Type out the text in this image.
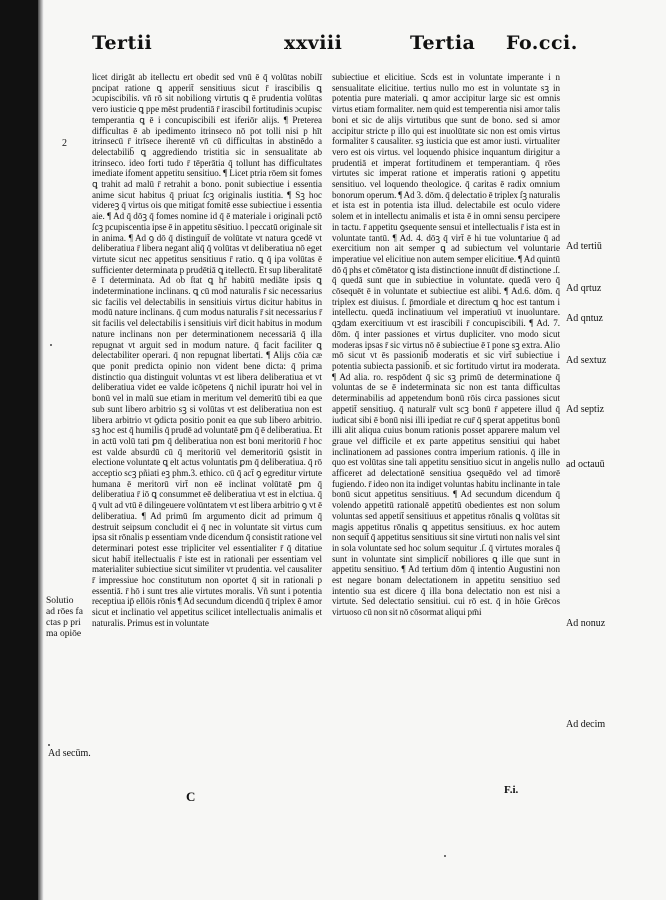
Tertii	xxviii	Tertia Fo.cci.
2
Solutio
ad rōes fa
ctas p pri
ma opiōe
Ad secūm.

licet dirigāt ab itellectu ert obedit sed vnū ē q̄ volūtas nobilī pncipat ratione ꝗ apperit̄ sensitiuus sicut r̄ irascibilis ꝗ ɔcupiscibilis. vn̄ rō sit nobiliong virtutis ꝗ ē prudentia volūtas vero iusticie ꝗ ppe mēst prudentiā r̄ irascibil fortitudinis ɔcupisc temperantia ꝗ ē i concupiscibili est iferiōr alijs. ¶ Preterea difficultas ē ab ipedimento itrinseco nō pot tolli nisi p hīt itrinsecū r̄ itrīsece iherentē vn̄ cū difficultas in abstinēdo a delectabilib̄ ꝗ aggrediendo tristitia sic in sensualitate ab itrinseco. ideo forti tudo r̄ tēperātia q̄ tollunt has difficultates imediate ifoment appetitu sensitiuo. ¶ Licet ptria rōem sit fomes ꝗ trahit ad malū r̄ retrahit a bono. ponit subiectiue i essentia anime sicut habitus q̄ priuat ſcꝫ originalis iustitia. ¶ Sꝫ hoc videreꝫ q̄ virtus ois que mitigat fomitē esse subiectiue i essentia aie. ¶ Ad q̄ dōꝫ q̄ fomes nomine id q̄ ē materiale i originali pctō ſcꝫ pcupiscentia ipse ē in appetitu sēsitiuo. l peccatū originale sit in anima. ¶ Ad ꝯ dō q̄ distinguit̄ de volūtate vt natura ꝯcedē vt deliberatiua r̄ libera negant aliq̄ q̄ volūtas vt deliberatiua nō eget virtute sicut nec appetitus sensitiuus r̄ ratio. ꝗ q̄ ipa volūtas ē sufficienter determinata p prudētiā ꝗ itellectū. Et sup liberalitatē ē ī determinata. Ad ob ſtat ꝗ hr̄ habitū mediāte ipsis ꝗ indeterminatione inclinans. ꝗ cū mod̄ naturalis r̄ sic necessarius sic facilis vel delectabilis in sensitiuis virtus dicitur habitus in modū nature inclinans. q̄ cum modus naturalis r̄ sit necessarius r̄ sit facilis vel delectabilis i sensitiuis virt̄ dicit habitus in modum nature inclinans non per determinationem necessariā q̄ illa repugnat vt arguit sed in modum nature. q̄ facit faciliter ꝗ delectabiliter operari. q̄ non repugnat libertati. ¶ Alijs cōia cæ que ponit predicta opinio non vident bene dicta: q̄ prima distinctio qua distinguit voluntas vt est libera deliberatiua et vt deliberatiua videt ee valde icōpetens q̄ nichil ipuratr hoi vel in bonū vel in malū sue etiam in meritum vel demeritū tibi ea que sub sunt libero arbitrio sꝫ si volūtas vt est deliberatiua non est libera arbitrio vt ꝯdicta positio ponit ea que sub libero arbitrio. sꝫ hoc est q̄ humilis q̄ prudē ad voluntatē ꝑm q̄ ē deliberatiua. Et in actū volū tati ꝑm q̄ deliberatiua non est boni meritoriū r̄ hoc est valde absurdū cū q̄ meritoriū vel demeritoriū ꝯsistit in electione voluntate ꝗ elt actus voluntatis ꝑm q̄ deliberatiua. q̄ rō acceptio scꝫ pñiati eꝫ phm.3. ethico. cū q̄ act̄ ꝯ egreditur virtute humana ē meritorū virt̄ non eē inclinat volūtatē ꝑm q̄ deliberatiua r̄ iō ꝗ consummet eē deliberatiua vt est in elctiua. q̄ q̄ vult ad vtū ē dilingeuere volūntatem vt est libera arbitrio ꝯ vt ē deliberatiua. ¶ Ad primū ſm argumento dicit ad primum q̄ destruit seipsum concludit ei q̄ nec in voluntate sit virtus cum ipsa sit rōnalis p essentiam vnde dicendum q̄ consistit ratione vel determinari potest esse tripliciter vel essentialiter r̄ q̄ ditatiue sicut habit̄ itellectualis r̄ iste est in rationali per essentiam vel materialiter subiectiue sicut similiter vt prudentia. vel causaliter r̄ impressiue hoc constitutum non oportet q̄ sit in rationali p essentiā. r̄ hō i sunt tres alie virtutes moralis. Vñ sunt i potentia receptiua ip̄ ellōis rōnis ¶ Ad secundum dicendū q̄ triplex ē amor sicut et inclinatio vel appetitus scilicet intellectualis animalis et naturalis. Primus est in voluntate

subiectiue et elicitiue. Scds est in voluntate imperante i n sensualitate elicitiue. tertius nullo mo est in voluntate sꝫ in potentia pure materiali. ꝗ amor accipitur large sic est omnis virtus etiam formaliter. nem quid est temperentia nisi amor talis boni et sic de alijs virtutibus que sunt de bono. sed si amor accipitur stricte p illo qui est inuolūtate sic non est omis virtus formaliter s̄ causaliter. sꝫ iusticia que est amor iusti. virtualiter vero est ois virtus. vel loquendo phisice inquantum dirigitur a prudentiā et imperat fortitudinem et temperantiam. q̄ rōes virtutes sic imperat ratione et imperatis rationi ꝯ appetitu sensitiuo. vel loquendo theologice. q̄ caritas ē radix omnium bonorum operum. ¶ Ad 3. dōm. q̄ delectatio ē triplex ſꝫ naturalis et ista est in potentia ista illud. delectabile est oculo videre solem et in intellectu animalis et ista ē in omni sensu percipere in tactu. r̄ appetitu ꝯsequente sensui et intellectualis r̄ ista est in voluntate tantū. ¶ Ad. 4. dōꝫ q̄ virt̄ ē hi tue voluntariue q̄ ad exercitium non ait semper ꝗ ad subiectum vel voluntarie imperatiue vel elicitiue non autem semper elicitiue. ¶ Ad quintū dō q̄ phs et cōmētator ꝗ ista distinctione innuūt dt̄ distinctione .ſ. q̄ quedā sunt que in subiectiue in voluntate. quedā vero q̄ cōsequēt ē in voluntate et subiectiue est alibi. ¶ Ad.6. dōm. q̄ triplex est diuisus. ſ. p̄mordiale et directum ꝗ hoc est tantum i intellectu. quedā inclinatiuum vel imperatiuū vt inuoluntare. qꝫdam exercitiuum vt est irascibili r̄ concupiscibili. ¶ Ad. 7. dōm. q̄ inter passiones et virtus dupliciter. vno modo sicut moderas ipsas r̄ sic virtus nō ē subiectiue ē ī pone sꝫ extra. Alio mō sicut vt ēs passionib̄ moderatis et sic virt̄ subiectiue i potentia subiecta passionib̄. et sic fortitudo virtut ira moderata. ¶ Ad alia. ro. respōdent q̄ sic sꝫ primū de determinatione q̄ voluntas de se ē indeterminata sic non est tanta difficultas determinabilis ad appetendum bonū rōis circa passiones sicut appetit̄ sensitiuꝯ. q̄ naturalr̄ vult scꝫ bonū r̄ appetere illud q̄ iudicat sibi ē bonū nisi illi ipediat re cur̄ q̄ sperat appetitus bonū illi alit aliqua cuius bonum rationis posset apparere malum vel graue vel difficile et ex parte appetitus sensitiui qui habet inclinationem ad passiones contra imperium rationis. q̄ ille in quo est volūtas sine tali appetitu sensitiuo sicut in angelis nullo afficeret ad delectationē sensitiua ꝯsequēdo vel ad timorē fugiendo. r̄ ideo non ita indiget voluntas habitu inclinante in tale bonū sicut appetitus sensitiuus. ¶ Ad secundum dicendum q̄ volendo appetitū rationalē appetitū obedientes est non solum voluntas sed appetit̄ sensitiuus et appetitus rōnalis ꝗ volūtas sit magis appetitus rōnalis ꝗ appetitus sensitiuus. ex hoc autem non sequit̄ q̄ appetitus sensitiuus sit sine virtuti non nalis vel sint in sola voluntate sed hoc solum sequitur .ſ. q̄ virtutes morales q̄ sunt in voluntate sint simplicit̄ nobiliores ꝗ ille que sunt in appetitu sensitiuo. ¶ Ad tertium dōm q̄ intentio Augustini non est negare bonam delectationem in appetitu sensitiuo sed intentio sua est dicere q̄ illa bona delectatio non est nisi a virtute. Sed delectatio sensitiui. cui rō est. q̄ in hōie Grēcos virtuoso cū non sit nō cōsormat aliqui pm̄i

Ad tertiū
Ad qrtuz
Ad qntuz
Ad sextuz
Ad septiz
ad octauū
Ad nonuz
Ad decim
C	F.i.
